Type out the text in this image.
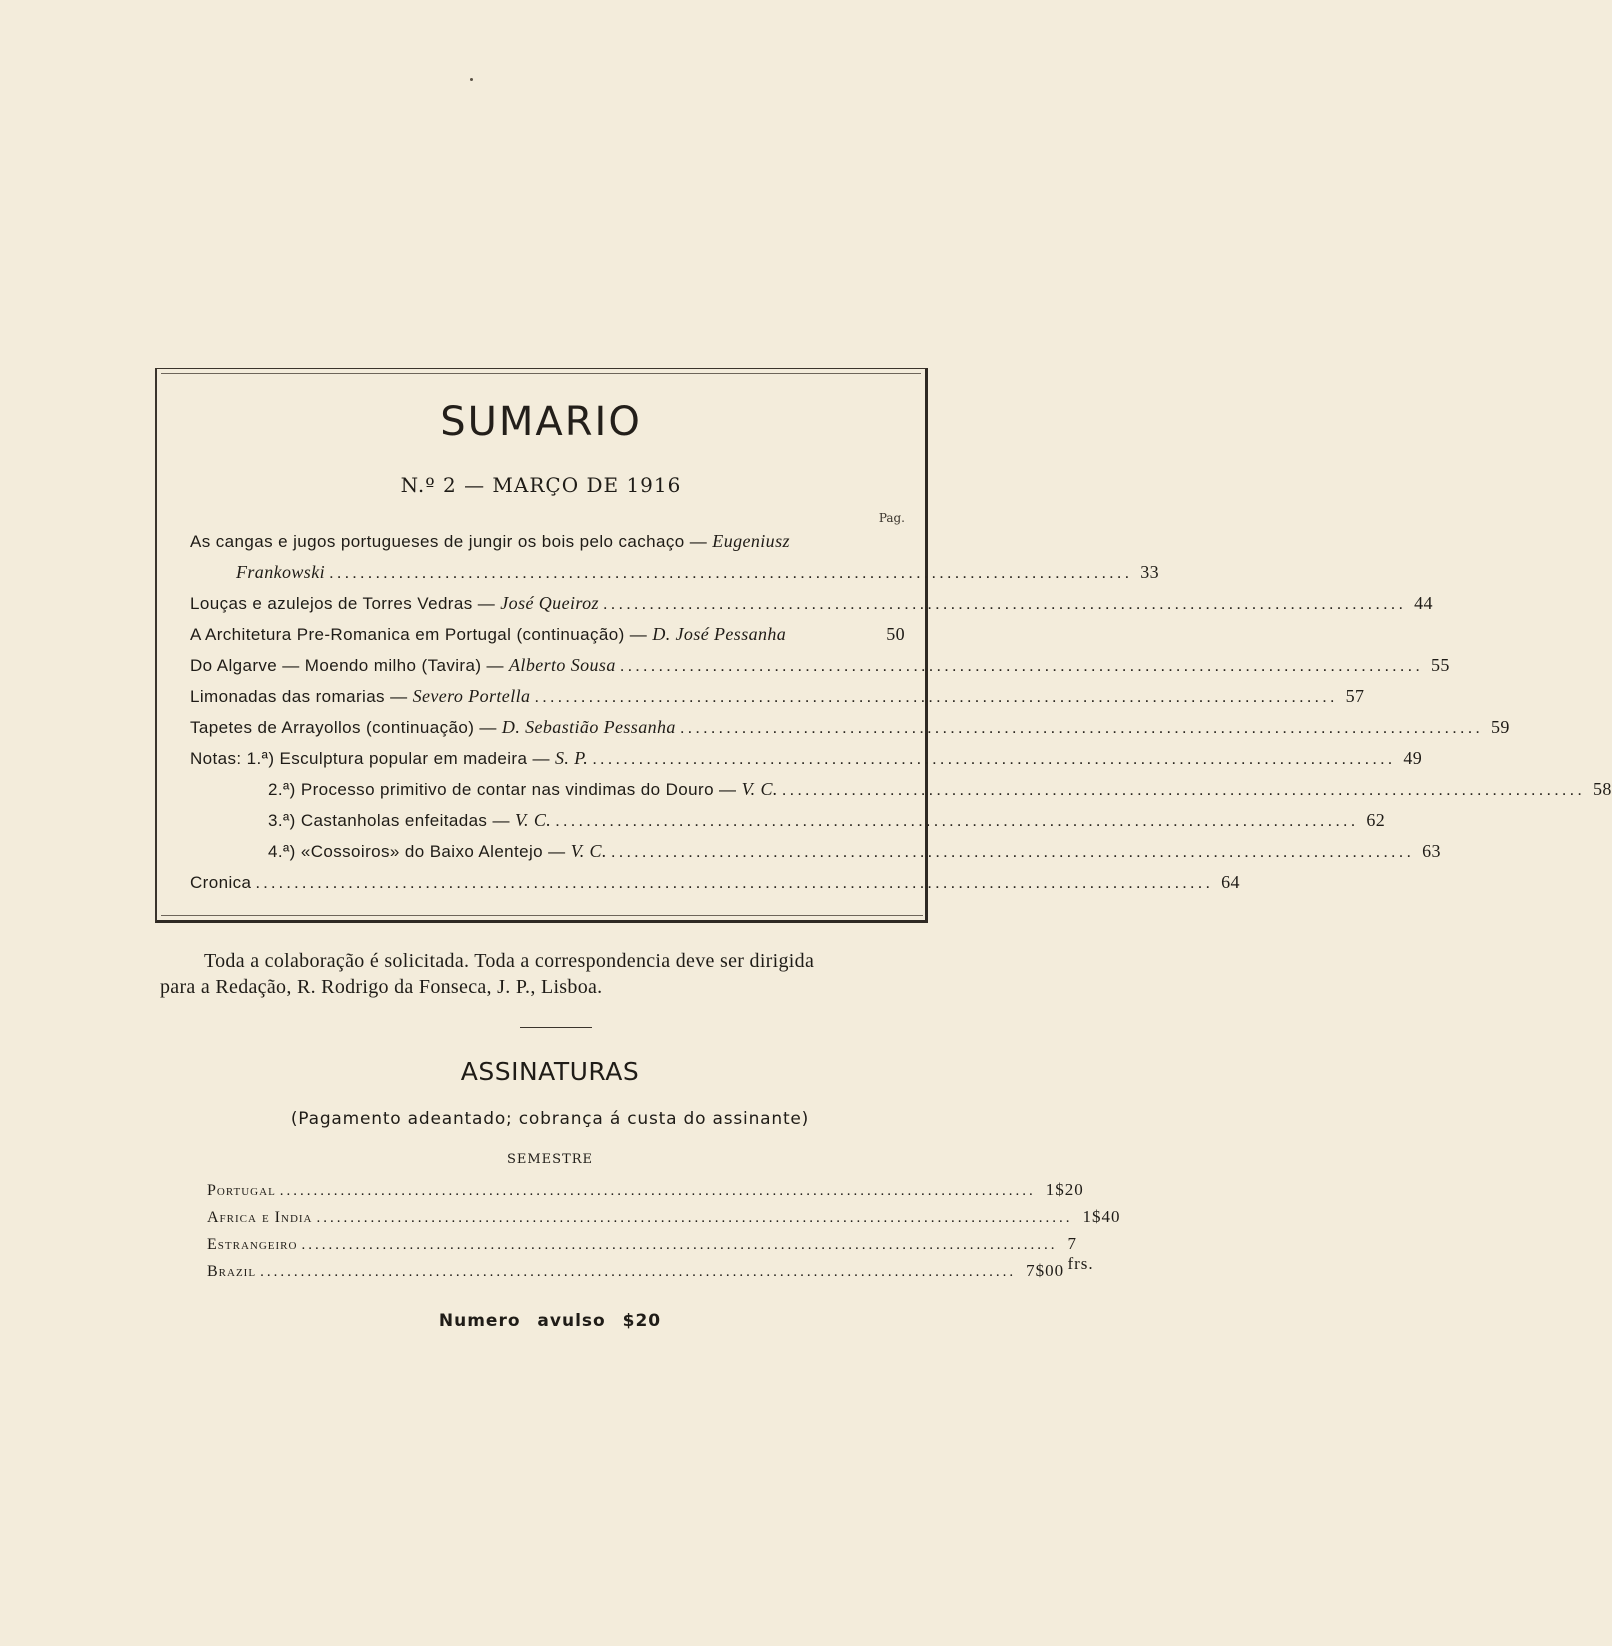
SUMARIO
N.º 2 — MARÇO DE 1916
Pag.
As cangas e jugos portugueses de jungir os bois pelo cachaço — Eugeniusz
Frankowski ........................................................................................................ 33
Louças e azulejos de Torres Vedras — José Queiroz ........................................................................................................ 44
A Architetura Pre-Romanica em Portugal (continuação) — D. José Pessanha	50
Do Algarve — Moendo milho (Tavira) — Alberto Sousa ........................................................................................................ 55
Limonadas das romarias — Severo Portella ........................................................................................................ 57
Tapetes de Arrayollos (continuação) — D. Sebastião Pessanha ........................................................................................................ 59
Notas: 1.ª) Esculptura popular em madeira — S. P. ........................................................................................................ 49
2.ª) Processo primitivo de contar nas vindimas do Douro — V. C. ........................................................................................................ 58
3.ª) Castanholas enfeitadas — V. C. ........................................................................................................ 62
4.ª) «Cossoiros» do Baixo Alentejo — V. C. ........................................................................................................ 63
Cronica ............................................................................................................................ 64

Toda a colaboração é solicitada. Toda a correspondencia deve ser dirigida

para a Redação, R. Rodrigo da Fonseca, J. P., Lisboa.

ASSINATURAS
(Pagamento adeantado; cobrança á custa do assinante)
SEMESTRE
Portugal ................................................................................................................ 1$20
Africa e India ................................................................................................................ 1$40
Estrangeiro ................................................................................................................ 7 frs.
Brazil ................................................................................................................ 7$00
Numero avulso $20
